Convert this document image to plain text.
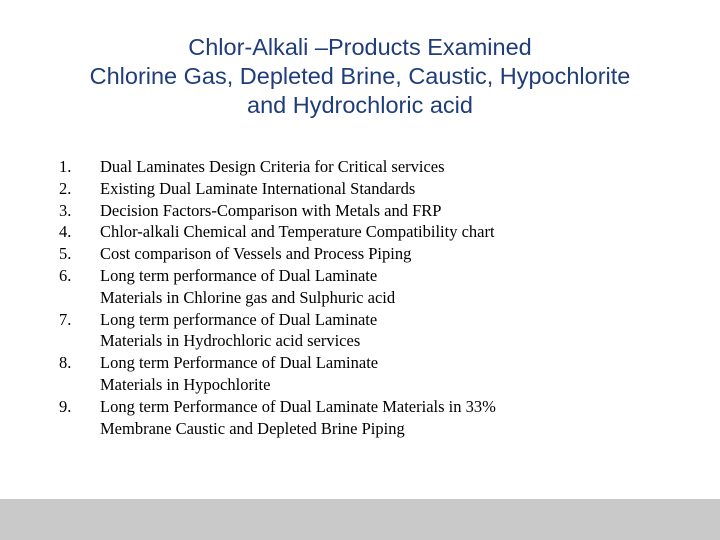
Chlor-Alkali –Products Examined
Chlorine Gas, Depleted Brine, Caustic, Hypochlorite
and Hydrochloric acid
1. Dual Laminates Design Criteria for Critical services
2. Existing Dual Laminate International Standards
3. Decision Factors-Comparison with Metals and FRP
4. Chlor-alkali Chemical and Temperature Compatibility chart
5. Cost comparison of Vessels and Process Piping
6. Long term performance of Dual Laminate
Materials in Chlorine gas and Sulphuric acid
7. Long term performance of Dual Laminate
Materials in Hydrochloric acid services
8. Long term Performance of Dual Laminate
Materials in Hypochlorite
9. Long term Performance of Dual Laminate Materials in 33%
Membrane Caustic and Depleted Brine Piping
